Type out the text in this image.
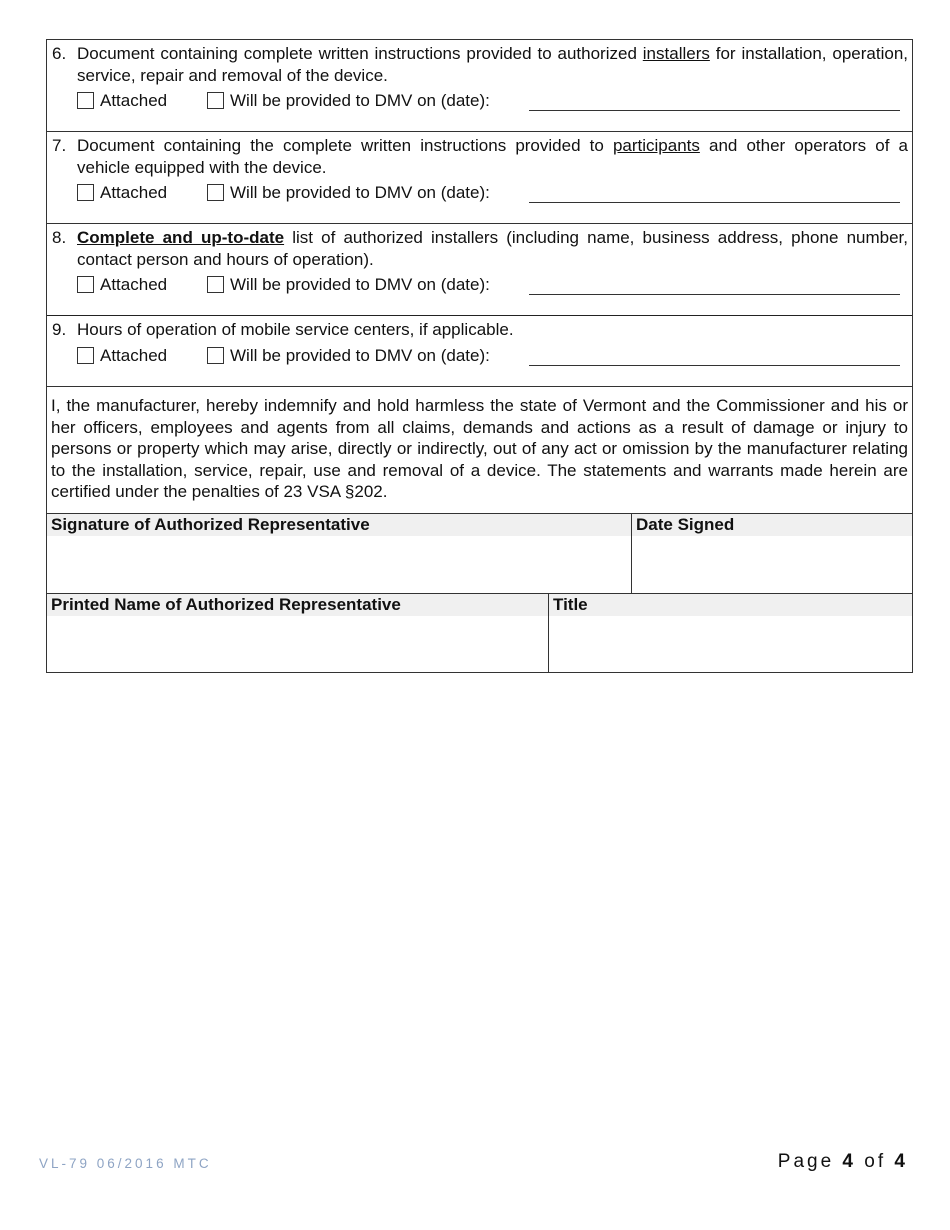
6. Document containing complete written instructions provided to authorized installers for installation, operation, service, repair and removal of the device.
Attached	Will be provided to DMV on (date):
7. Document containing the complete written instructions provided to participants and other operators of a vehicle equipped with the device.
Attached	Will be provided to DMV on (date):
8. Complete and up-to-date list of authorized installers (including name, business address, phone number, contact person and hours of operation).
Attached	Will be provided to DMV on (date):
9. Hours of operation of mobile service centers, if applicable.
Attached	Will be provided to DMV on (date):
I, the manufacturer, hereby indemnify and hold harmless the state of Vermont and the Commissioner and his or her officers, employees and agents from all claims, demands and actions as a result of damage or injury to persons or property which may arise, directly or indirectly, out of any act or omission by the manufacturer relating to the installation, service, repair, use and removal of a device. The statements and warrants made herein are certified under the penalties of 23 VSA §202.
Signature of Authorized Representative	Date Signed
Printed Name of Authorized Representative	Title
VL-79 06/2016 MTC	Page 4 of 4
